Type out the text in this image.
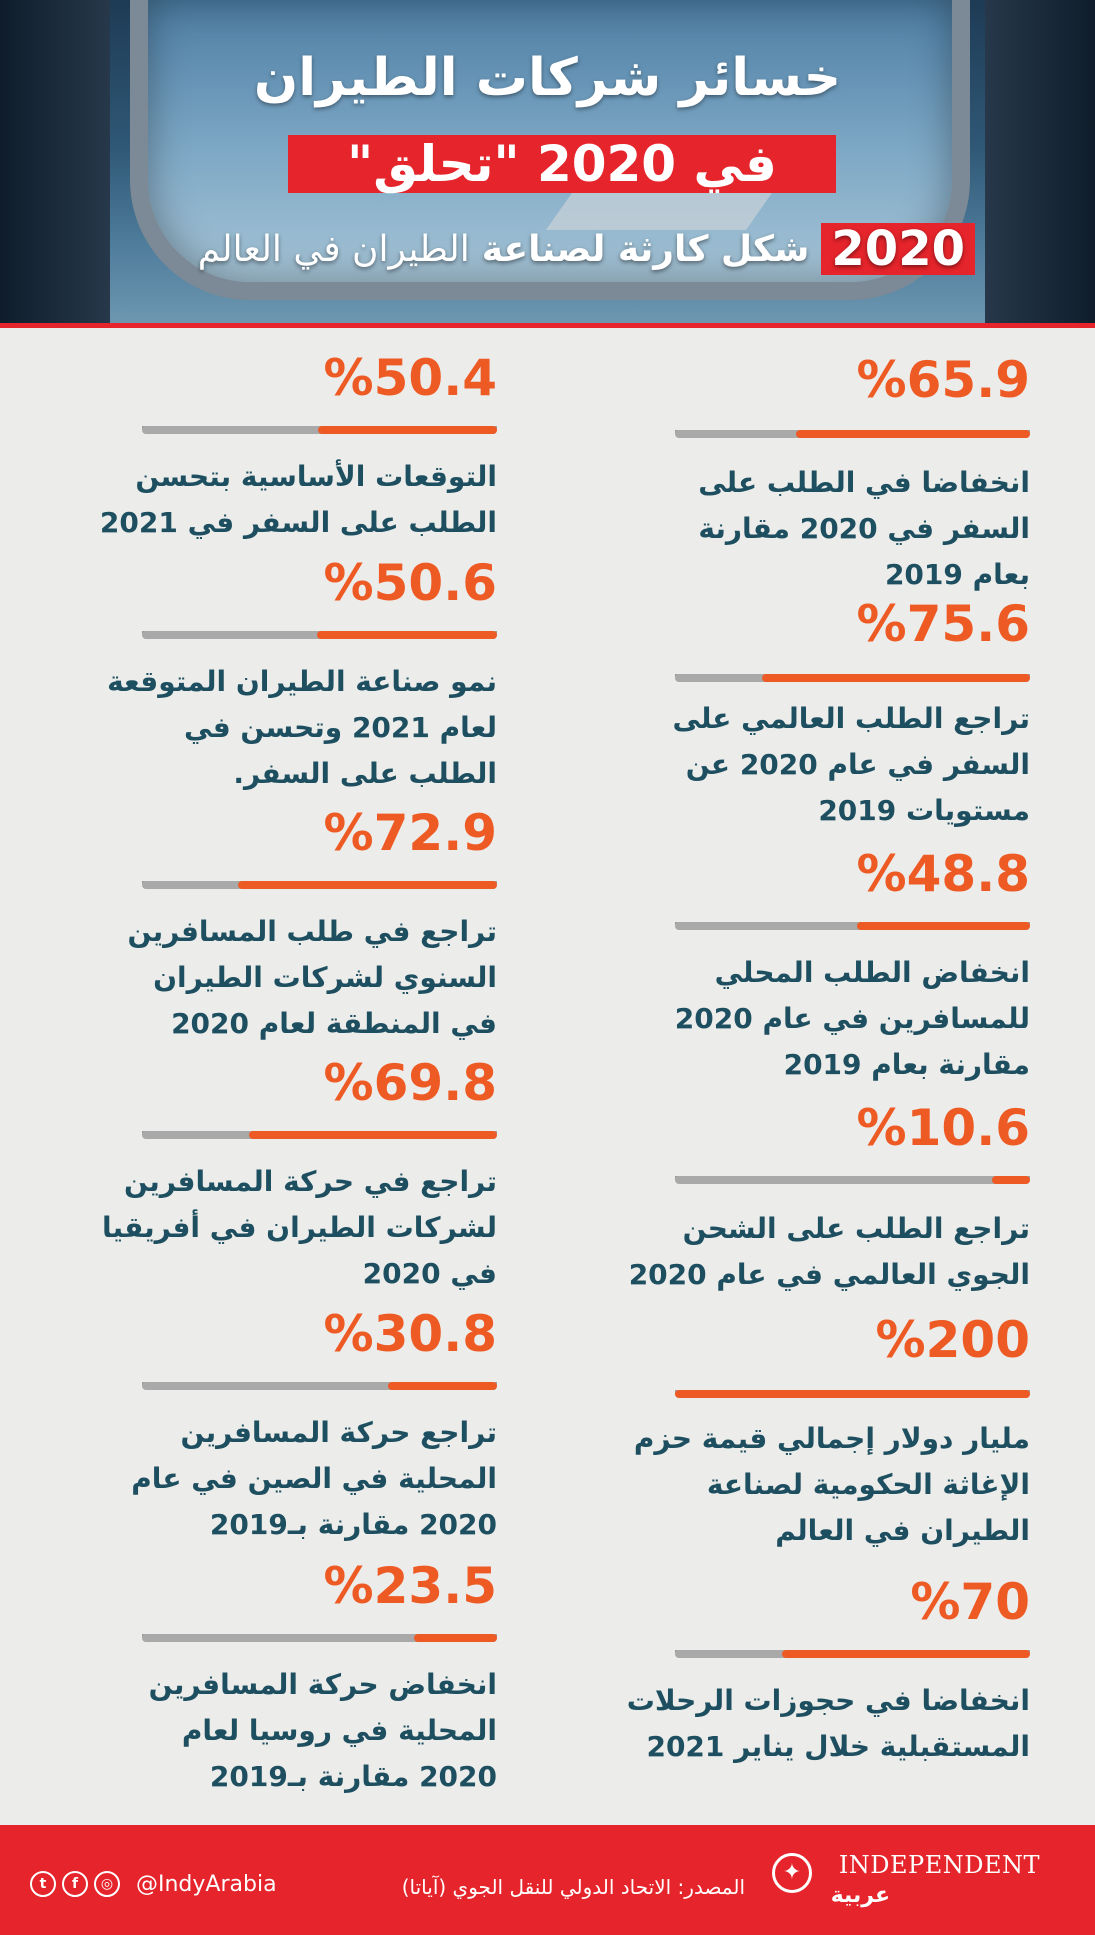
خسائر شركات الطيران
في 2020 "تحلق"
2020
شكل كارثة لصناعة
الطيران في العالم
%65.9
انخفاضا في الطلب على السفر في 2020 مقارنة بعام 2019
%75.6
تراجع الطلب العالمي على السفر في عام 2020 عن مستويات 2019
%48.8
انخفاض الطلب المحلي للمسافرين في عام 2020 مقارنة بعام 2019
%10.6
تراجع الطلب على الشحن الجوي العالمي في عام 2020
%200
مليار دولار إجمالي قيمة حزم الإغاثة الحكومية لصناعة الطيران في العالم
%70
انخفاضا في حجوزات الرحلات المستقبلية خلال يناير 2021
%50.4
التوقعات الأساسية بتحسن الطلب على السفر في 2021
%50.6
نمو صناعة الطيران المتوقعة لعام 2021 وتحسن في الطلب على السفر.
%72.9
تراجع في طلب المسافرين السنوي لشركات الطيران في المنطقة لعام 2020
%69.8
تراجع في حركة المسافرين لشركات الطيران في أفريقيا في 2020
%30.8
تراجع حركة المسافرين المحلية في الصين في عام 2020 مقارنة بـ2019
%23.5
انخفاض حركة المسافرين المحلية في روسيا لعام 2020 مقارنة بـ2019
✦	INDEPENDENT
عربية
المصدر: الاتحاد الدولي للنقل الجوي (آياتا)
t	f	◎	@IndyArabia
